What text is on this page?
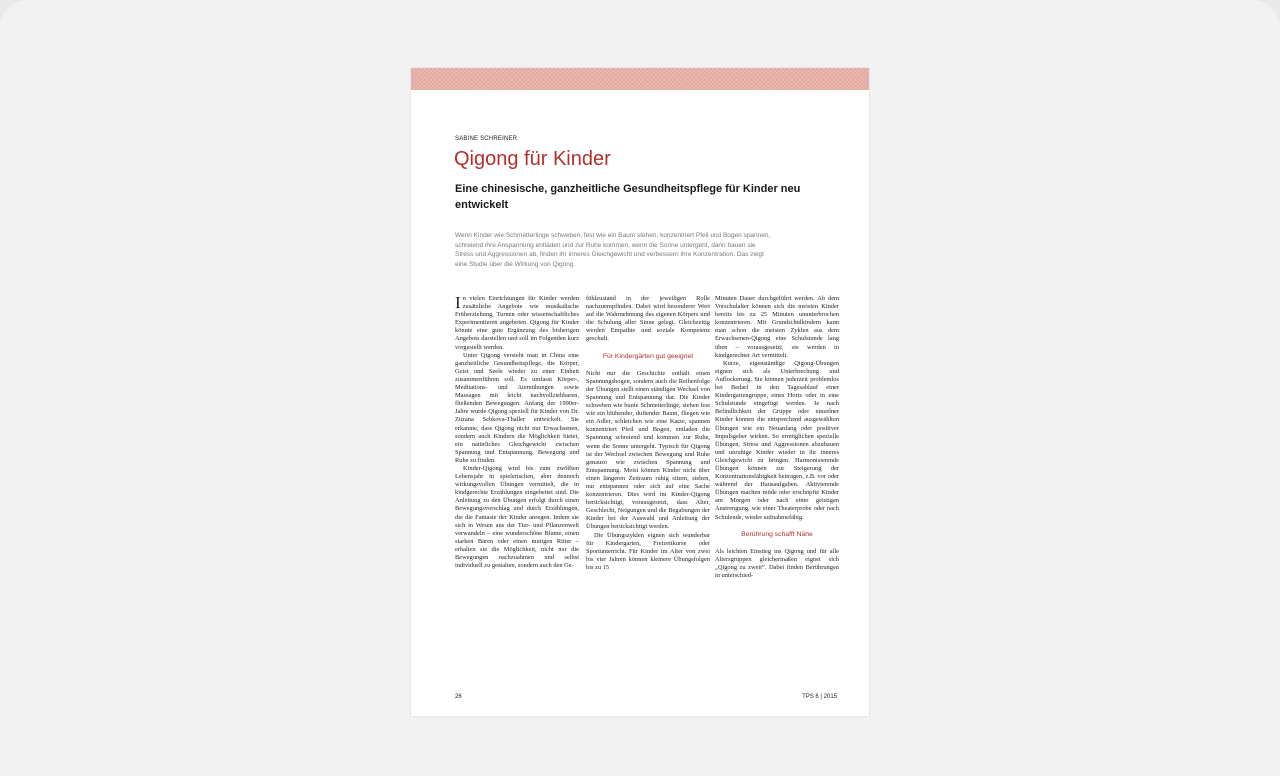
SABINE SCHREINER
Qigong für Kinder
Eine chinesische, ganzheitliche Gesundheitspflege für Kinder neu entwickelt
Wenn Kinder wie Schmetterlinge schweben, fest wie ein Baum stehen, konzentriert Pfeil und Bogen spannen, schreiend ihre Anspannung entladen und zur Ruhe kommen, wenn die Sonne untergeht, dann bauen sie Stress und Aggressionen ab, finden ihr inneres Gleichgewicht und verbessern ihre Konzentration. Das zeigt eine Studie über die Wirkung von Qigong.

In vielen Einrichtungen für Kinder werden zusätzliche Angebote wie musikalische Früherziehung, Turnen oder wissenschaftliches Experimentieren angeboten. Qigong für Kinder könnte eine gute Ergänzung des bisherigen Angebots darstellen und soll im Folgenden kurz vorgestellt werden.

Unter Qigong versteht man in China eine ganzheitliche Gesundheitspflege, die Körper, Geist und Seele wieder zu einer Einheit zusammenführen soll. Es umfasst Körper-, Meditations- und Atemübungen sowie Massagen mit leicht nachvollziehbaren, fließenden Bewegungen. Anfang der 1990er-Jahre wurde Qigong speziell für Kinder von Dr. Zuzana Sebkova-Thaller entwickelt. Sie erkannte, dass Qigong nicht nur Erwachsenen, sondern auch Kindern die Möglichkeit bietet, ein natürliches Gleichgewicht zwischen Spannung und Entspannung, Bewegung und Ruhe zu finden.

Kinder-Qigong wird bis zum zwölften Lebensjahr in spielerischen, aber dennoch wirkungsvollen Übungen vermittelt, die in kindgerechte Erzählungen eingebettet sind. Die Anleitung zu den Übungen erfolgt durch einen Bewegungsvorschlag und durch Erzählungen, die die Fantasie der Kinder anregen. Indem sie sich in Wesen aus der Tier- und Pflanzenwelt verwandeln – eine wunderschöne Blume, einen starken Bären oder einen mutigen Ritter – erhalten sie die Möglichkeit, nicht nur die Bewegungen nachzuahmen und selbst individuell zu gestalten, sondern auch den Ge-

fühlzustand in der jeweiligen Rolle nachzuempfinden. Dabei wird besonderer Wert auf die Wahrnehmung des eigenen Körpers und die Schulung aller Sinne gelegt. Gleichzeitig werden Empathie und soziale Kompetenz geschult.

Für Kindergärten gut geeignet

Nicht nur die Geschichte enthält einen Spannungsbogen, sondern auch die Reihenfolge der Übungen stellt einen ständigen Wechsel von Spannung und Entspannung dar. Die Kinder schweben wie bunte Schmetterlinge, stehen fest wie ein blühender, duftender Baum, fliegen wie ein Adler, schleichen wie eine Katze, spannen konzentriert Pfeil und Bogen, entladen die Spannung schreiend und kommen zur Ruhe, wenn die Sonne untergeht. Typisch für Qigong ist der Wechsel zwischen Bewegung und Ruhe genauso wie zwischen Spannung und Entspannung. Meist können Kinder nicht über einen längeren Zeitraum ruhig sitzen, stehen, nur entspannen oder sich auf eine Sache konzentrieren. Dies wird im Kinder-Qigong berücksichtigt, vorausgesetzt, dass Alter, Geschlecht, Neigungen und die Begabungen der Kinder bei der Auswahl und Anleitung der Übungen berücksichtigt werden.

Die Übungszyklen eignen sich wunderbar für Kindergarten, Freizeitkurse oder Sportunterricht. Für Kinder im Alter von zwei bis vier Jahren können kleinere Übungsfolgen bis zu 15

Minuten Dauer durchgeführt werden. Ab dem Vorschulalter können sich die meisten Kinder bereits bis zu 25 Minuten ununterbrochen konzentrieren. Mit Grundschulkindern kann man schon die meisten Zyklen aus dem Erwachsenen-Qigong eine Schulstunde lang üben – vorausgesetzt, sie werden in kindgerechter Art vermittelt.

Kurze, eigenständige Qigong-Übungen eignen sich als Unterbrechung und Auflockerung. Sie können jederzeit problemlos bei Bedarf in den Tagesablauf einer Kindergartengruppe, eines Horts oder in eine Schulstunde eingefügt werden. Je nach Befindlichkeit der Gruppe oder einzelner Kinder können die entsprechend ausgewählten Übungen wie ein Neuanfang oder positiver Impulsgeber wirken. So ermöglichen spezielle Übungen, Stress und Aggressionen abzubauen und unruhige Kinder wieder in ihr inneres Gleichgewicht zu bringen. Harmonisierende Übungen können zur Steigerung der Konzentrationsfähigkeit beitragen, z.B. vor oder während der Hausaufgaben. Aktivierende Übungen machen müde oder erschöpfte Kinder am Morgen oder nach einer geistigen Anstrengung, wie einer Theaterprobe oder nach Schulende, wieder aufnahmefähig.

Berührung schafft Nähe

Als leichten Einstieg ins Qigong und für alle Altersgruppen gleichermaßen eignet sich „Qigong zu zweit“. Dabei finden Berührungen in unterschied-

26	TPS 6 | 2015
